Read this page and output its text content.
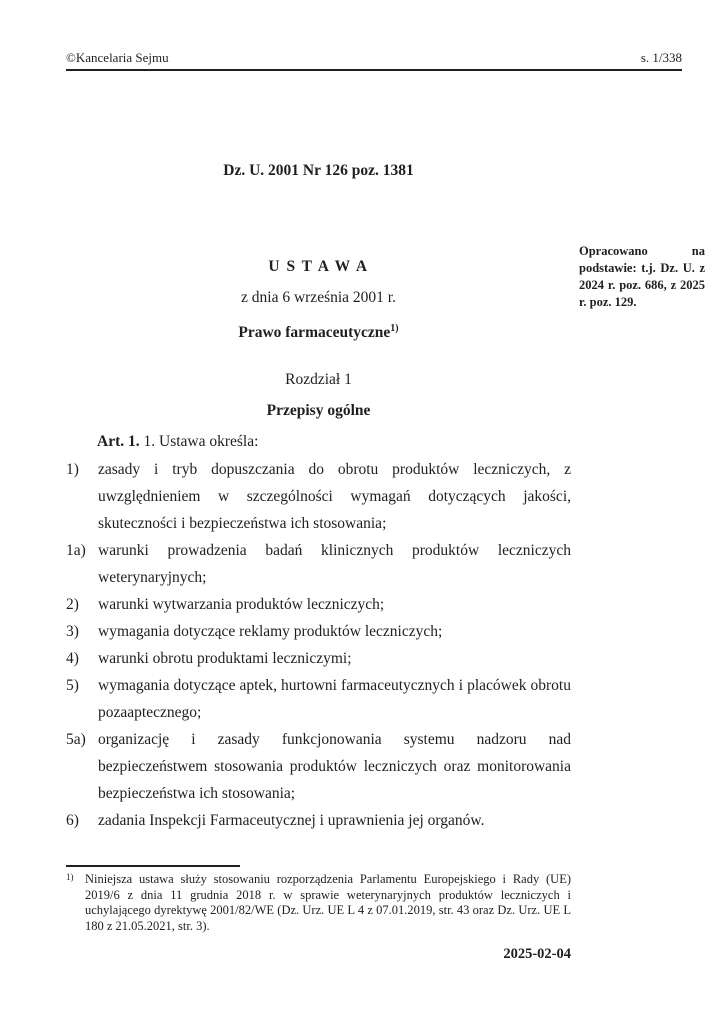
©Kancelaria Sejmu	s. 1/338
Dz. U. 2001 Nr 126 poz. 1381
U S T A W A
z dnia 6 września 2001 r.
Prawo farmaceutyczne$^{1)}$
Rozdział 1
Przepisy ogólne
Art. 1. 1. Ustawa określa:
1)	zasady i tryb dopuszczania do obrotu produktów leczniczych, z uwzględnieniem w szczególności wymagań dotyczących jakości, skuteczności i bezpieczeństwa ich stosowania;
1a) warunki prowadzenia badań klinicznych produktów leczniczych weterynaryjnych;
2)	warunki wytwarzania produktów leczniczych;
3)	wymagania dotyczące reklamy produktów leczniczych;
4)	warunki obrotu produktami leczniczymi;
5)	wymagania dotyczące aptek, hurtowni farmaceutycznych i placówek obrotu pozaaptecznego;
5a) organizację i zasady funkcjonowania systemu nadzoru nad bezpieczeństwem stosowania produktów leczniczych oraz monitorowania bezpieczeństwa ich stosowania;
6)	zadania Inspekcji Farmaceutycznej i uprawnienia jej organów.
Opracowano na podstawie: t.j. Dz. U. z 2024 r. poz. 686, z 2025 r. poz. 129.
1) Niniejsza ustawa służy stosowaniu rozporządzenia Parlamentu Europejskiego i Rady (UE) 2019/6 z dnia 11 grudnia 2018 r. w sprawie weterynaryjnych produktów leczniczych i uchylającego dyrektywę 2001/82/WE (Dz. Urz. UE L 4 z 07.01.2019, str. 43 oraz Dz. Urz. UE L 180 z 21.05.2021, str. 3).
2025-02-04
